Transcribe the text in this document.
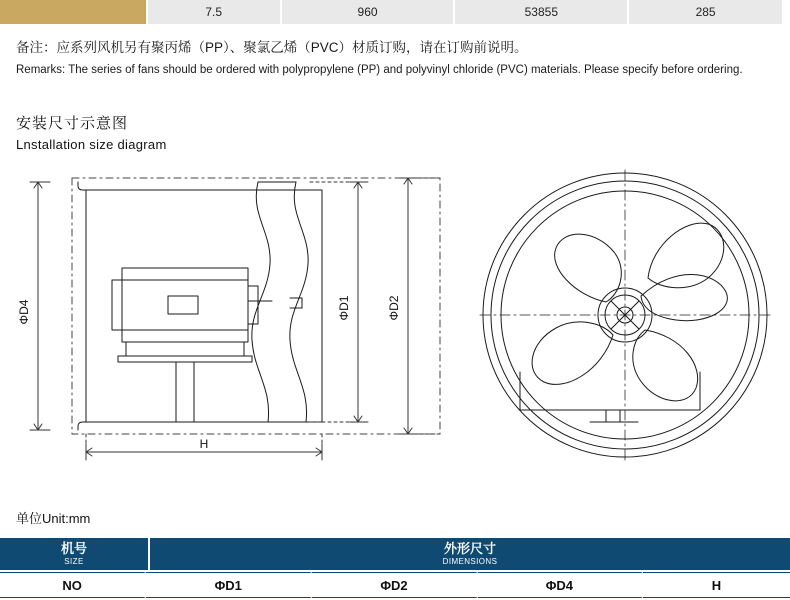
7.5	960	53855	285
备注：应系列风机另有聚丙烯（PP）、聚氯乙烯（PVC）材质订购，请在订购前说明。
Remarks: The series of fans should be ordered with polypropylene (PP) and polyvinyl chloride (PVC) materials. Please specify before ordering.
安装尺寸示意图
Lnstallation size diagram
ΦD4	ΦD1	ΦD2
H
单位Unit:mm
机号
SIZE
外形尺寸
DIMENSIONS
NO	ΦD1	ΦD2	ΦD4	H
